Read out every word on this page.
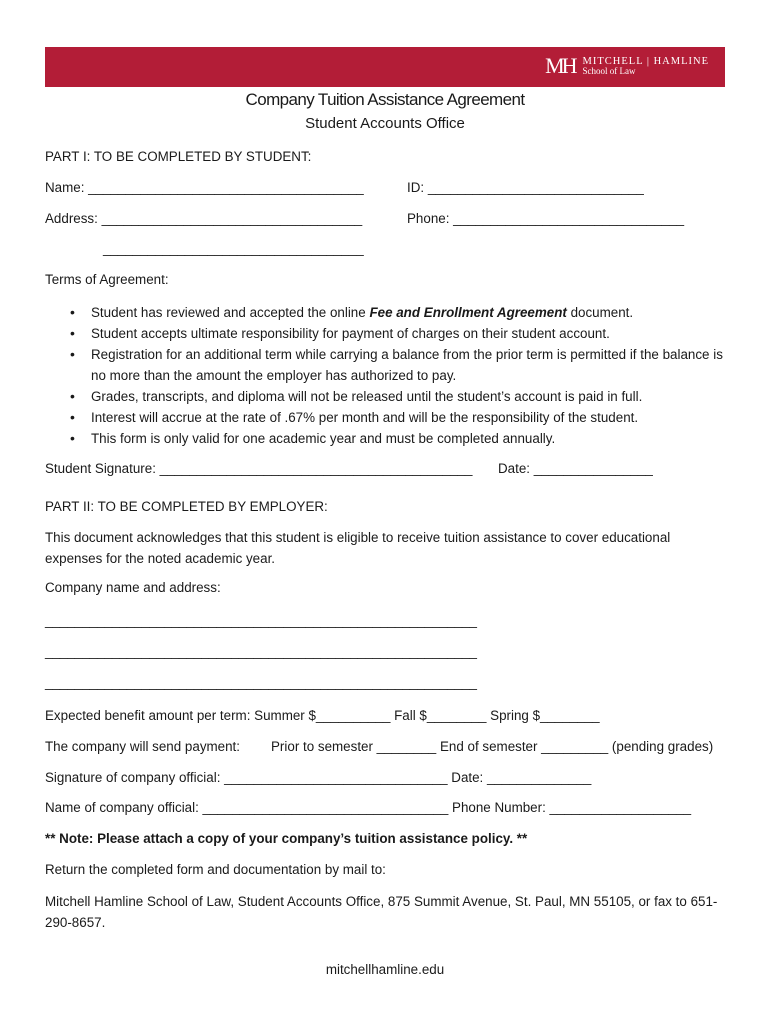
MH MITCHELL | HAMLINE
School of Law
Company Tuition Assistance Agreement
Student Accounts Office
PART I: TO BE COMPLETED BY STUDENT:
Name: _____________________________________	ID: _____________________________
Address: ___________________________________	Phone: _______________________________
___________________________________
Terms of Agreement:
• Student has reviewed and accepted the online Fee and Enrollment Agreement document.
• Student accepts ultimate responsibility for payment of charges on their student account.
• Registration for an additional term while carrying a balance from the prior term is permitted if the balance is no more than the amount the employer has authorized to pay.
• Grades, transcripts, and diploma will not be released until the student’s account is paid in full.
• Interest will accrue at the rate of .67% per month and will be the responsibility of the student.
• This form is only valid for one academic year and must be completed annually.
Student Signature: __________________________________________ Date: ________________
PART II: TO BE COMPLETED BY EMPLOYER:
This document acknowledges that this student is eligible to receive tuition assistance to cover educational expenses for the noted academic year.
Company name and address:
__________________________________________________________
__________________________________________________________
__________________________________________________________
Expected benefit amount per term: Summer $__________ Fall $________ Spring $________
The company will send payment: Prior to semester ________ End of semester _________ (pending grades)
Signature of company official: ______________________________ Date: ______________
Name of company official: _________________________________ Phone Number: ___________________
** Note: Please attach a copy of your company’s tuition assistance policy. **
Return the completed form and documentation by mail to:
Mitchell Hamline School of Law, Student Accounts Office, 875 Summit Avenue, St. Paul, MN 55105, or fax to 651-290-8657.
mitchellhamline.edu
